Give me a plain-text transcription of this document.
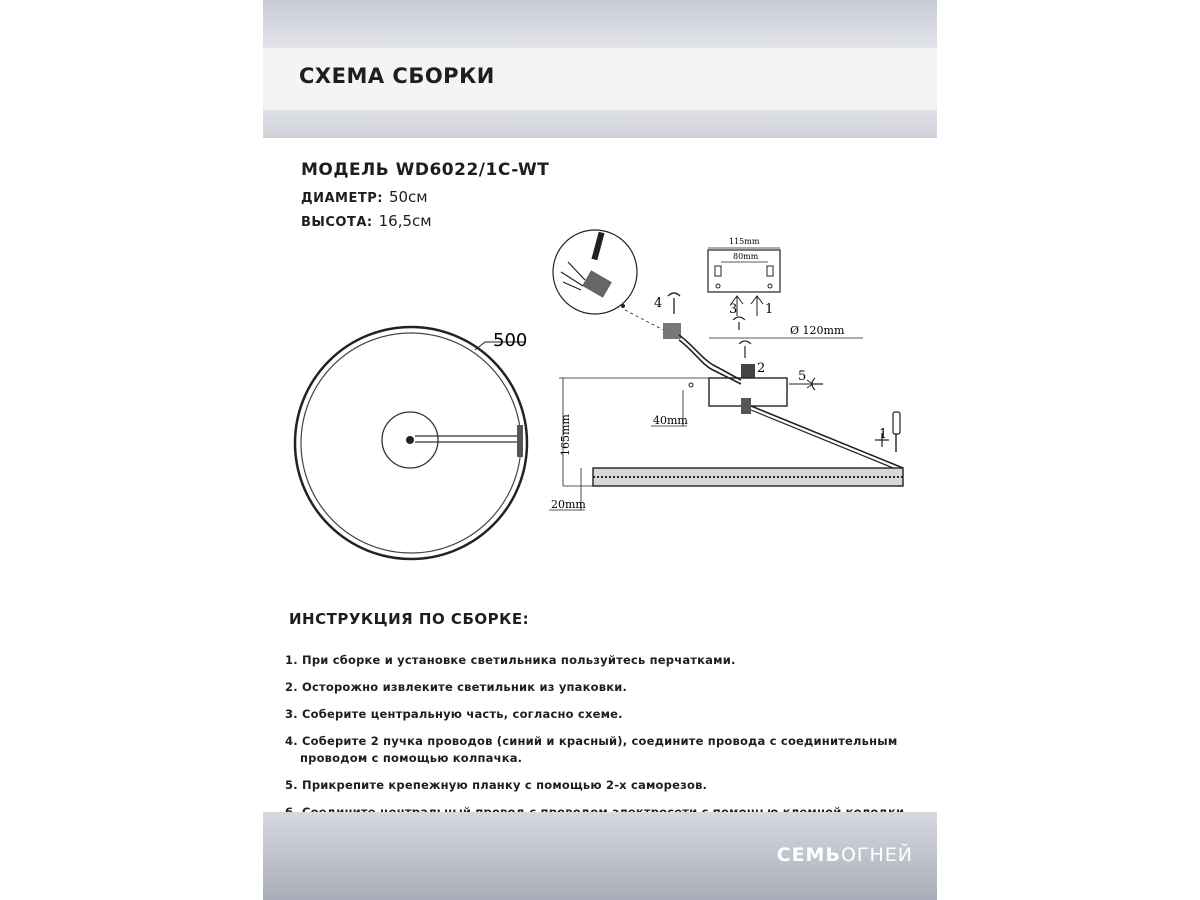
СХЕМА СБОРКИ
МОДЕЛЬ WD6022/1C-WT
ДИАМЕТР: 50см
ВЫСОТА: 16,5см
500
4
115mm
80mm
3 1
Ø 120mm
2
5
1
165mm	40mm
20mm
ИНСТРУКЦИЯ ПО СБОРКЕ:
1. При сборке и установке светильника пользуйтесь перчатками.
2. Осторожно извлеките светильник из упаковки.
3. Соберите центральную часть, согласно схеме.
4. Соберите 2 пучка проводов (синий и красный), соедините провода с соединительным
проводом с помощью колпачка.
5. Прикрепите крепежную планку с помощью 2-х саморезов.
СЕМЬОГНЕЙ
